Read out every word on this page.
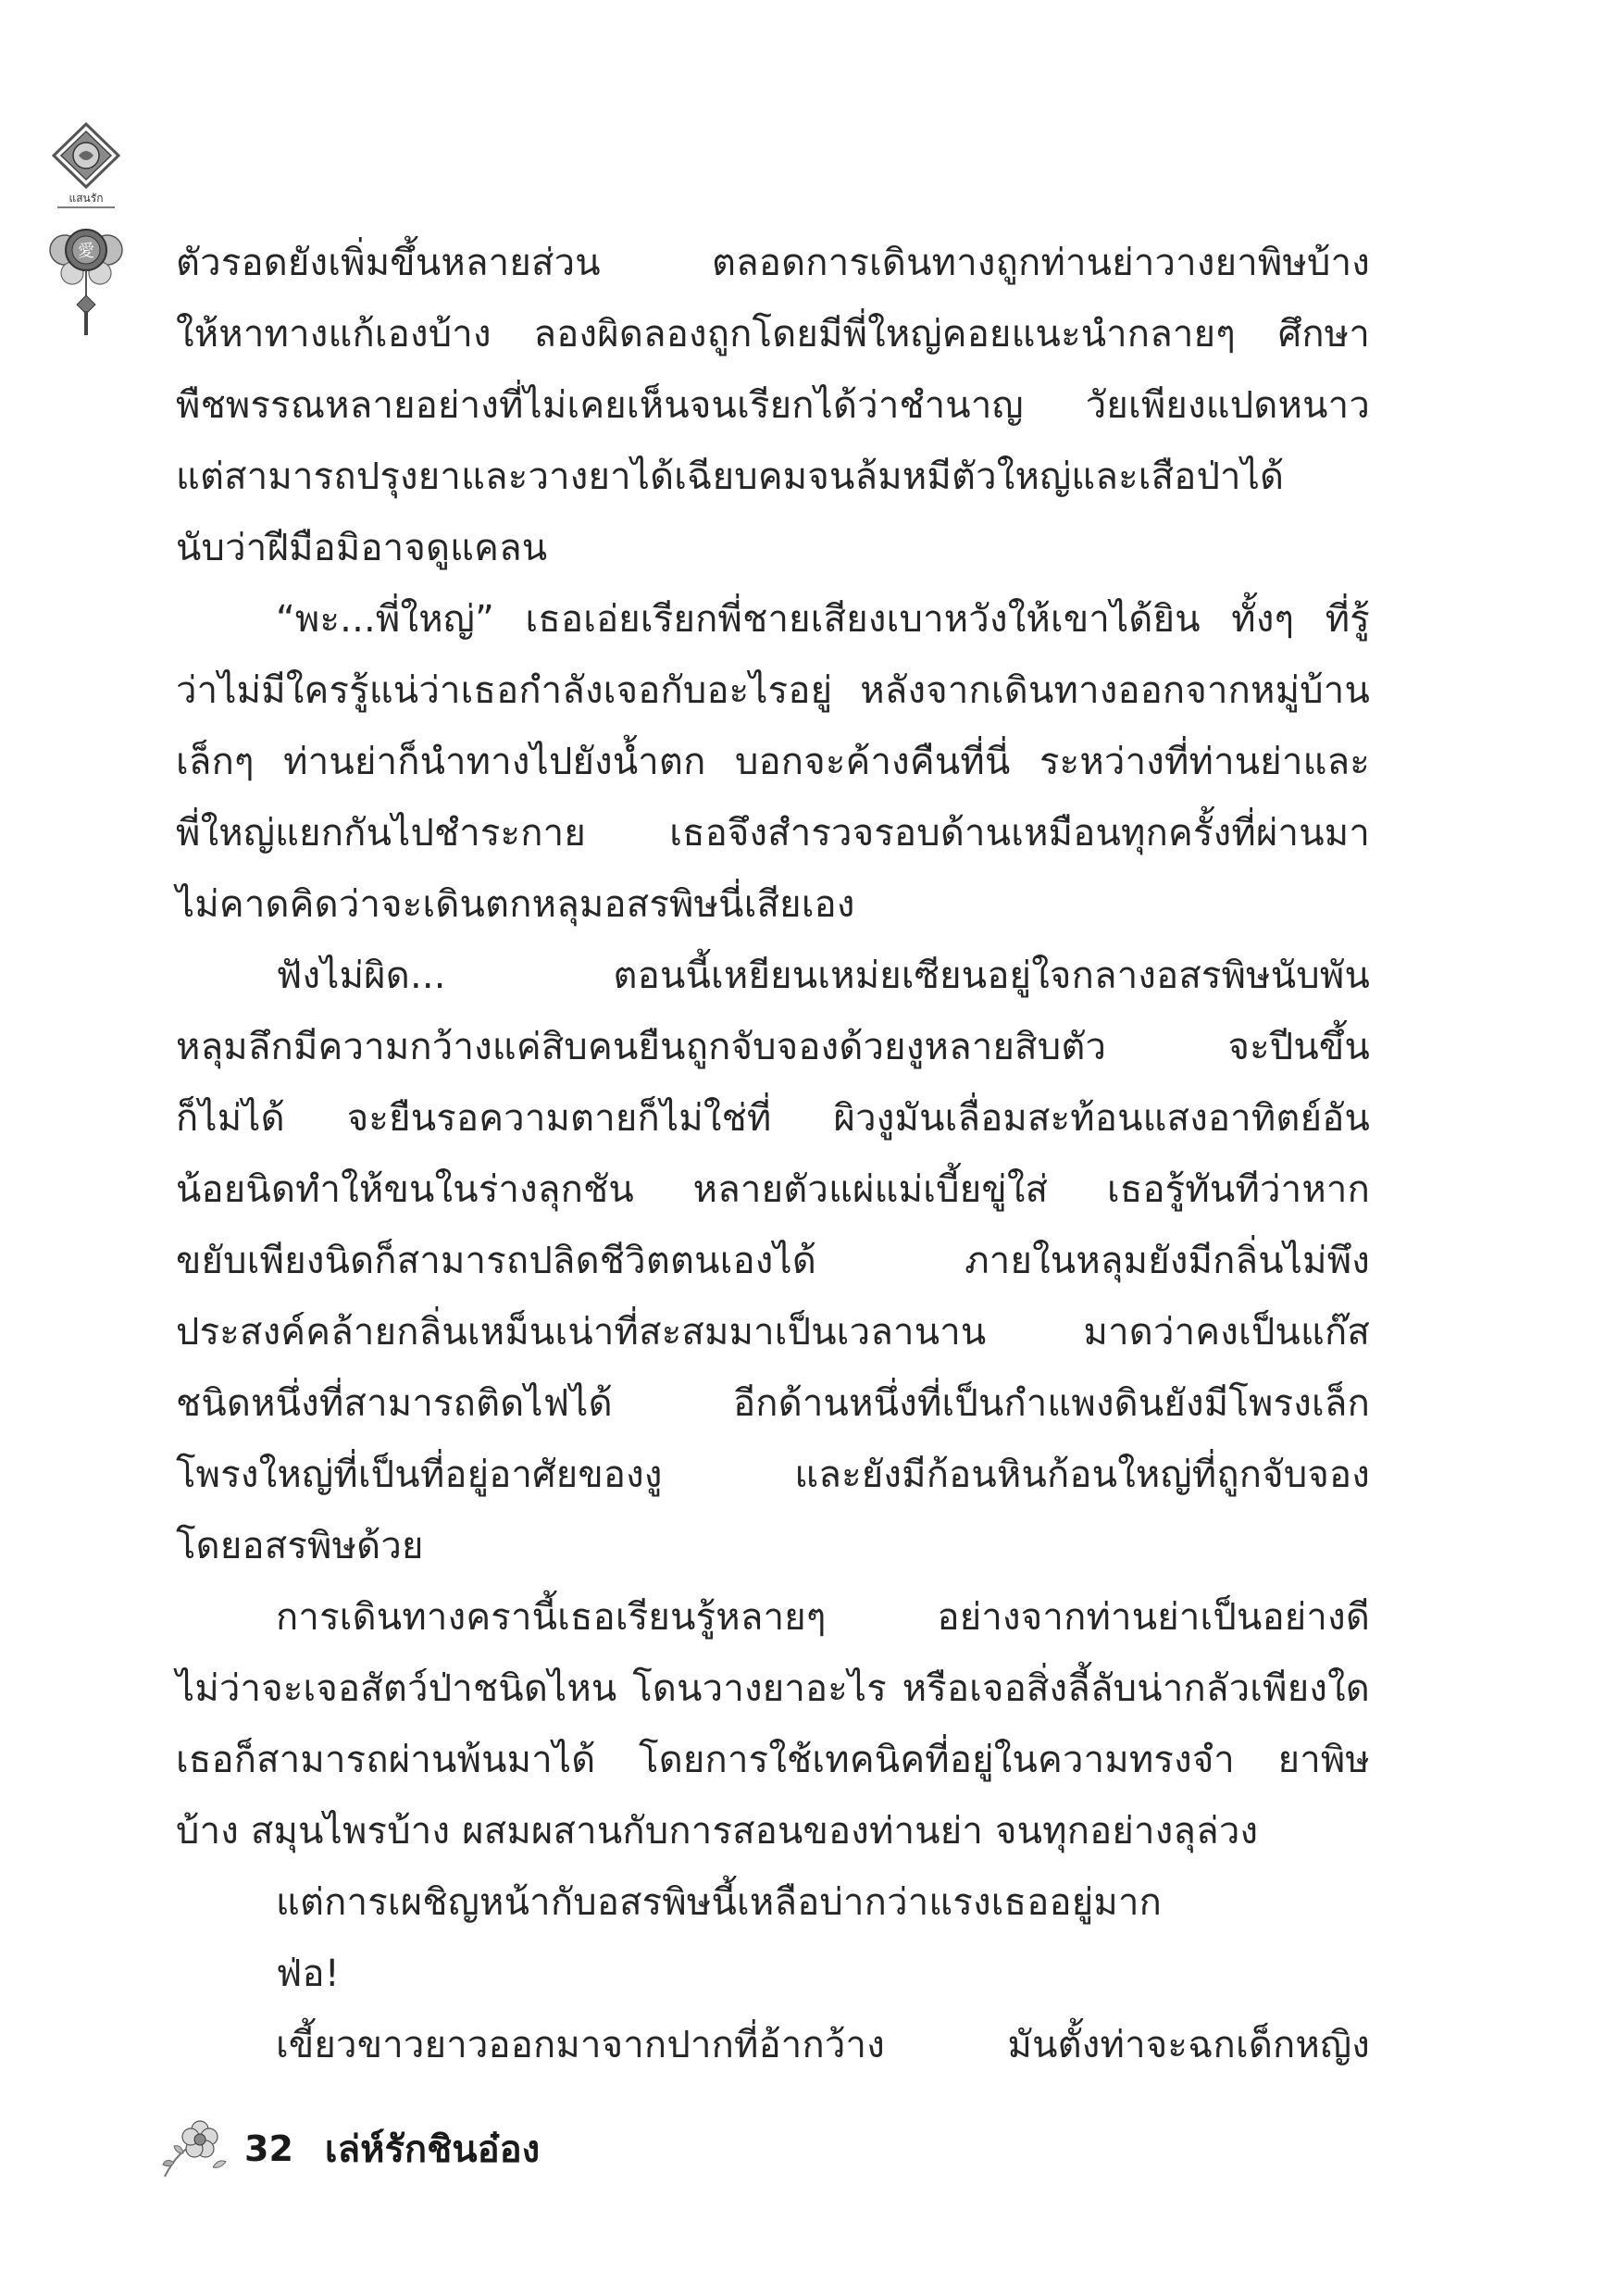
แสนรัก
愛 ตัวรอดยังเพิ่มขึ้นหลายส่วน ตลอดการเดินทางถูกท่านย่าวางยาพิษบ้าง
ให้หาทางแก้เองบ้าง ลองผิดลองถูกโดยมีพี่ใหญ่คอยแนะนำกลายๆ ศึกษา
พืชพรรณหลายอย่างที่ไม่เคยเห็นจนเรียกได้ว่าชำนาญ วัยเพียงแปดหนาว
แต่สามารถปรุงยาและวางยาได้เฉียบคมจนล้มหมีตัวใหญ่และเสือป่าได้
นับว่าฝีมือมิอาจดูแคลน
“พะ...พี่ใหญ่” เธอเอ่ยเรียกพี่ชายเสียงเบาหวังให้เขาได้ยิน ทั้งๆ ที่รู้
ว่าไม่มีใครรู้แน่ว่าเธอกำลังเจอกับอะไรอยู่ หลังจากเดินทางออกจากหมู่บ้าน
เล็กๆ ท่านย่าก็นำทางไปยังน้ำตก บอกจะค้างคืนที่นี่ ระหว่างที่ท่านย่าและ
พี่ใหญ่แยกกันไปชำระกาย เธอจึงสำรวจรอบด้านเหมือนทุกครั้งที่ผ่านมา
ไม่คาดคิดว่าจะเดินตกหลุมอสรพิษนี่เสียเอง
ฟังไม่ผิด... ตอนนี้เหยียนเหม่ยเซียนอยู่ใจกลางอสรพิษนับพัน
หลุมลึกมีความกว้างแค่สิบคนยืนถูกจับจองด้วยงูหลายสิบตัว จะปีนขึ้น
ก็ไม่ได้ จะยืนรอความตายก็ไม่ใช่ที่ ผิวงูมันเลื่อมสะท้อนแสงอาทิตย์อัน
น้อยนิดทำให้ขนในร่างลุกชัน หลายตัวแผ่แม่เบี้ยขู่ใส่ เธอรู้ทันทีว่าหาก
ขยับเพียงนิดก็สามารถปลิดชีวิตตนเองได้ ภายในหลุมยังมีกลิ่นไม่พึง
ประสงค์คล้ายกลิ่นเหม็นเน่าที่สะสมมาเป็นเวลานาน มาดว่าคงเป็นแก๊ส
ชนิดหนึ่งที่สามารถติดไฟได้ อีกด้านหนึ่งที่เป็นกำแพงดินยังมีโพรงเล็ก
โพรงใหญ่ที่เป็นที่อยู่อาศัยของงู และยังมีก้อนหินก้อนใหญ่ที่ถูกจับจอง
โดยอสรพิษด้วย
การเดินทางครานี้เธอเรียนรู้หลายๆ อย่างจากท่านย่าเป็นอย่างดี
ไม่ว่าจะเจอสัตว์ป่าชนิดไหน โดนวางยาอะไร หรือเจอสิ่งลี้ลับน่ากลัวเพียงใด
เธอก็สามารถผ่านพ้นมาได้ โดยการใช้เทคนิคที่อยู่ในความทรงจำ ยาพิษ
บ้าง สมุนไพรบ้าง ผสมผสานกับการสอนของท่านย่า จนทุกอย่างลุล่วง
แต่การเผชิญหน้ากับอสรพิษนี้เหลือบ่ากว่าแรงเธออยู่มาก
ฟ่อ!
เขี้ยวขาวยาวออกมาจากปากที่อ้ากว้าง มันตั้งท่าจะฉกเด็กหญิง
32 เล่ห์รักชินอ๋อง
